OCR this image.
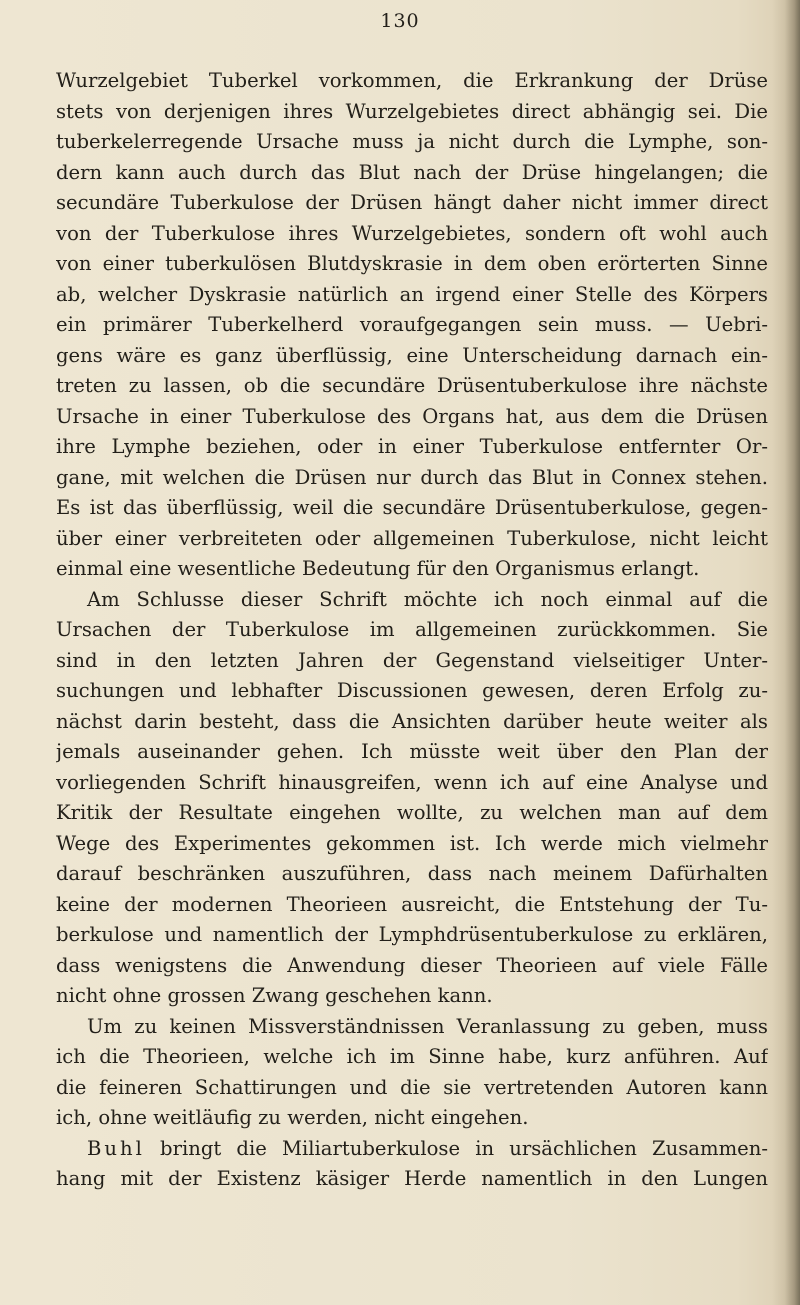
130
Wurzelgebiet Tuberkel vorkommen, die Erkrankung der Drüse
stets von derjenigen ihres Wurzelgebietes direct abhängig sei. Die
tuberkelerregende Ursache muss ja nicht durch die Lymphe, son-
dern kann auch durch das Blut nach der Drüse hingelangen; die
secundäre Tuberkulose der Drüsen hängt daher nicht immer direct
von der Tuberkulose ihres Wurzelgebietes, sondern oft wohl auch
von einer tuberkulösen Blutdyskrasie in dem oben erörterten Sinne
ab, welcher Dyskrasie natürlich an irgend einer Stelle des Körpers
ein primärer Tuberkelherd voraufgegangen sein muss. — Uebri-
gens wäre es ganz überflüssig, eine Unterscheidung darnach ein-
treten zu lassen, ob die secundäre Drüsentuberkulose ihre nächste
Ursache in einer Tuberkulose des Organs hat, aus dem die Drüsen
ihre Lymphe beziehen, oder in einer Tuberkulose entfernter Or-
gane, mit welchen die Drüsen nur durch das Blut in Connex stehen.
Es ist das überflüssig, weil die secundäre Drüsentuberkulose, gegen-
über einer verbreiteten oder allgemeinen Tuberkulose, nicht leicht
einmal eine wesentliche Bedeutung für den Organismus erlangt.
Am Schlusse dieser Schrift möchte ich noch einmal auf die
Ursachen der Tuberkulose im allgemeinen zurückkommen. Sie
sind in den letzten Jahren der Gegenstand vielseitiger Unter-
suchungen und lebhafter Discussionen gewesen, deren Erfolg zu-
nächst darin besteht, dass die Ansichten darüber heute weiter als
jemals auseinander gehen. Ich müsste weit über den Plan der
vorliegenden Schrift hinausgreifen, wenn ich auf eine Analyse und
Kritik der Resultate eingehen wollte, zu welchen man auf dem
Wege des Experimentes gekommen ist. Ich werde mich vielmehr
darauf beschränken auszuführen, dass nach meinem Dafürhalten
keine der modernen Theorieen ausreicht, die Entstehung der Tu-
berkulose und namentlich der Lymphdrüsentuberkulose zu erklären,
dass wenigstens die Anwendung dieser Theorieen auf viele Fälle
nicht ohne grossen Zwang geschehen kann.
Um zu keinen Missverständnissen Veranlassung zu geben, muss
ich die Theorieen, welche ich im Sinne habe, kurz anführen. Auf
die feineren Schattirungen und die sie vertretenden Autoren kann
ich, ohne weitläufig zu werden, nicht eingehen.
Buhl bringt die Miliartuberkulose in ursächlichen Zusammen-
hang mit der Existenz käsiger Herde namentlich in den Lungen
